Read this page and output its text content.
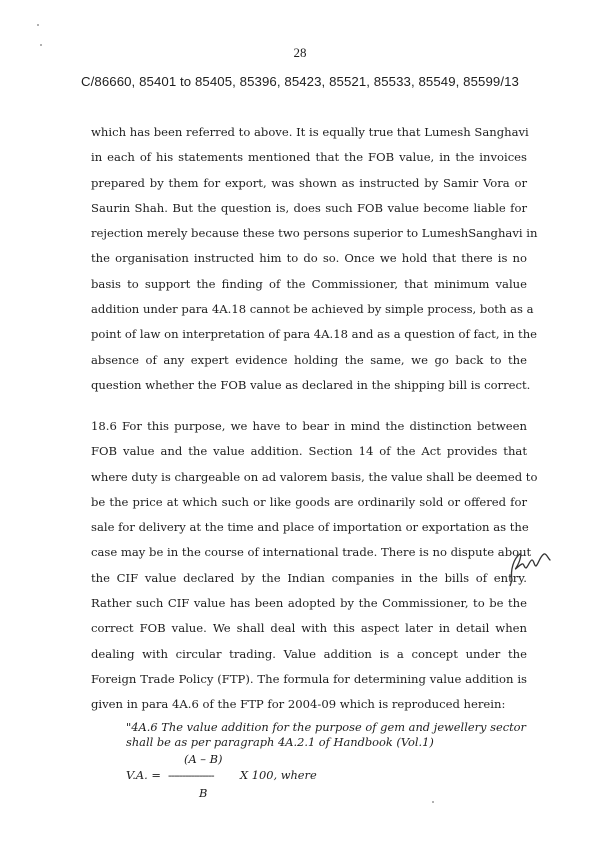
28
C/86660, 85401 to 85405, 85396, 85423, 85521, 85533, 85549, 85599/13
which has been referred to above. It is equally true that Lumesh Sanghavi
in each of his statements mentioned that the FOB value, in the invoices
prepared by them for export, was shown as instructed by Samir Vora or
Saurin Shah. But the question is, does such FOB value become liable for
rejection merely because these two persons superior to LumeshSanghavi in
the organisation instructed him to do so. Once we hold that there is no
basis to support the finding of the Commissioner, that minimum value
addition under para 4A.18 cannot be achieved by simple process, both as a
point of law on interpretation of para 4A.18 and as a question of fact, in the
absence of any expert evidence holding the same, we go back to the
question whether the FOB value as declared in the shipping bill is correct.
18.6 For this purpose, we have to bear in mind the distinction between
FOB value and the value addition. Section 14 of the Act provides that
where duty is chargeable on ad valorem basis, the value shall be deemed to
be the price at which such or like goods are ordinarily sold or offered for
sale for delivery at the time and place of importation or exportation as the
case may be in the course of international trade. There is no dispute about
the CIF value declared by the Indian companies in the bills of entry.
Rather such CIF value has been adopted by the Commissioner, to be the
correct FOB value. We shall deal with this aspect later in detail when
dealing with circular trading. Value addition is a concept under the
Foreign Trade Policy (FTP). The formula for determining value addition is
given in para 4A.6 of the FTP for 2004-09 which is reproduced herein:
"4A.6 The value addition for the purpose of gem and jewellery sector
shall be as per paragraph 4A.2.1 of Handbook (Vol.1)
(A – B)
V.A. = ---------------- X 100, where
B
